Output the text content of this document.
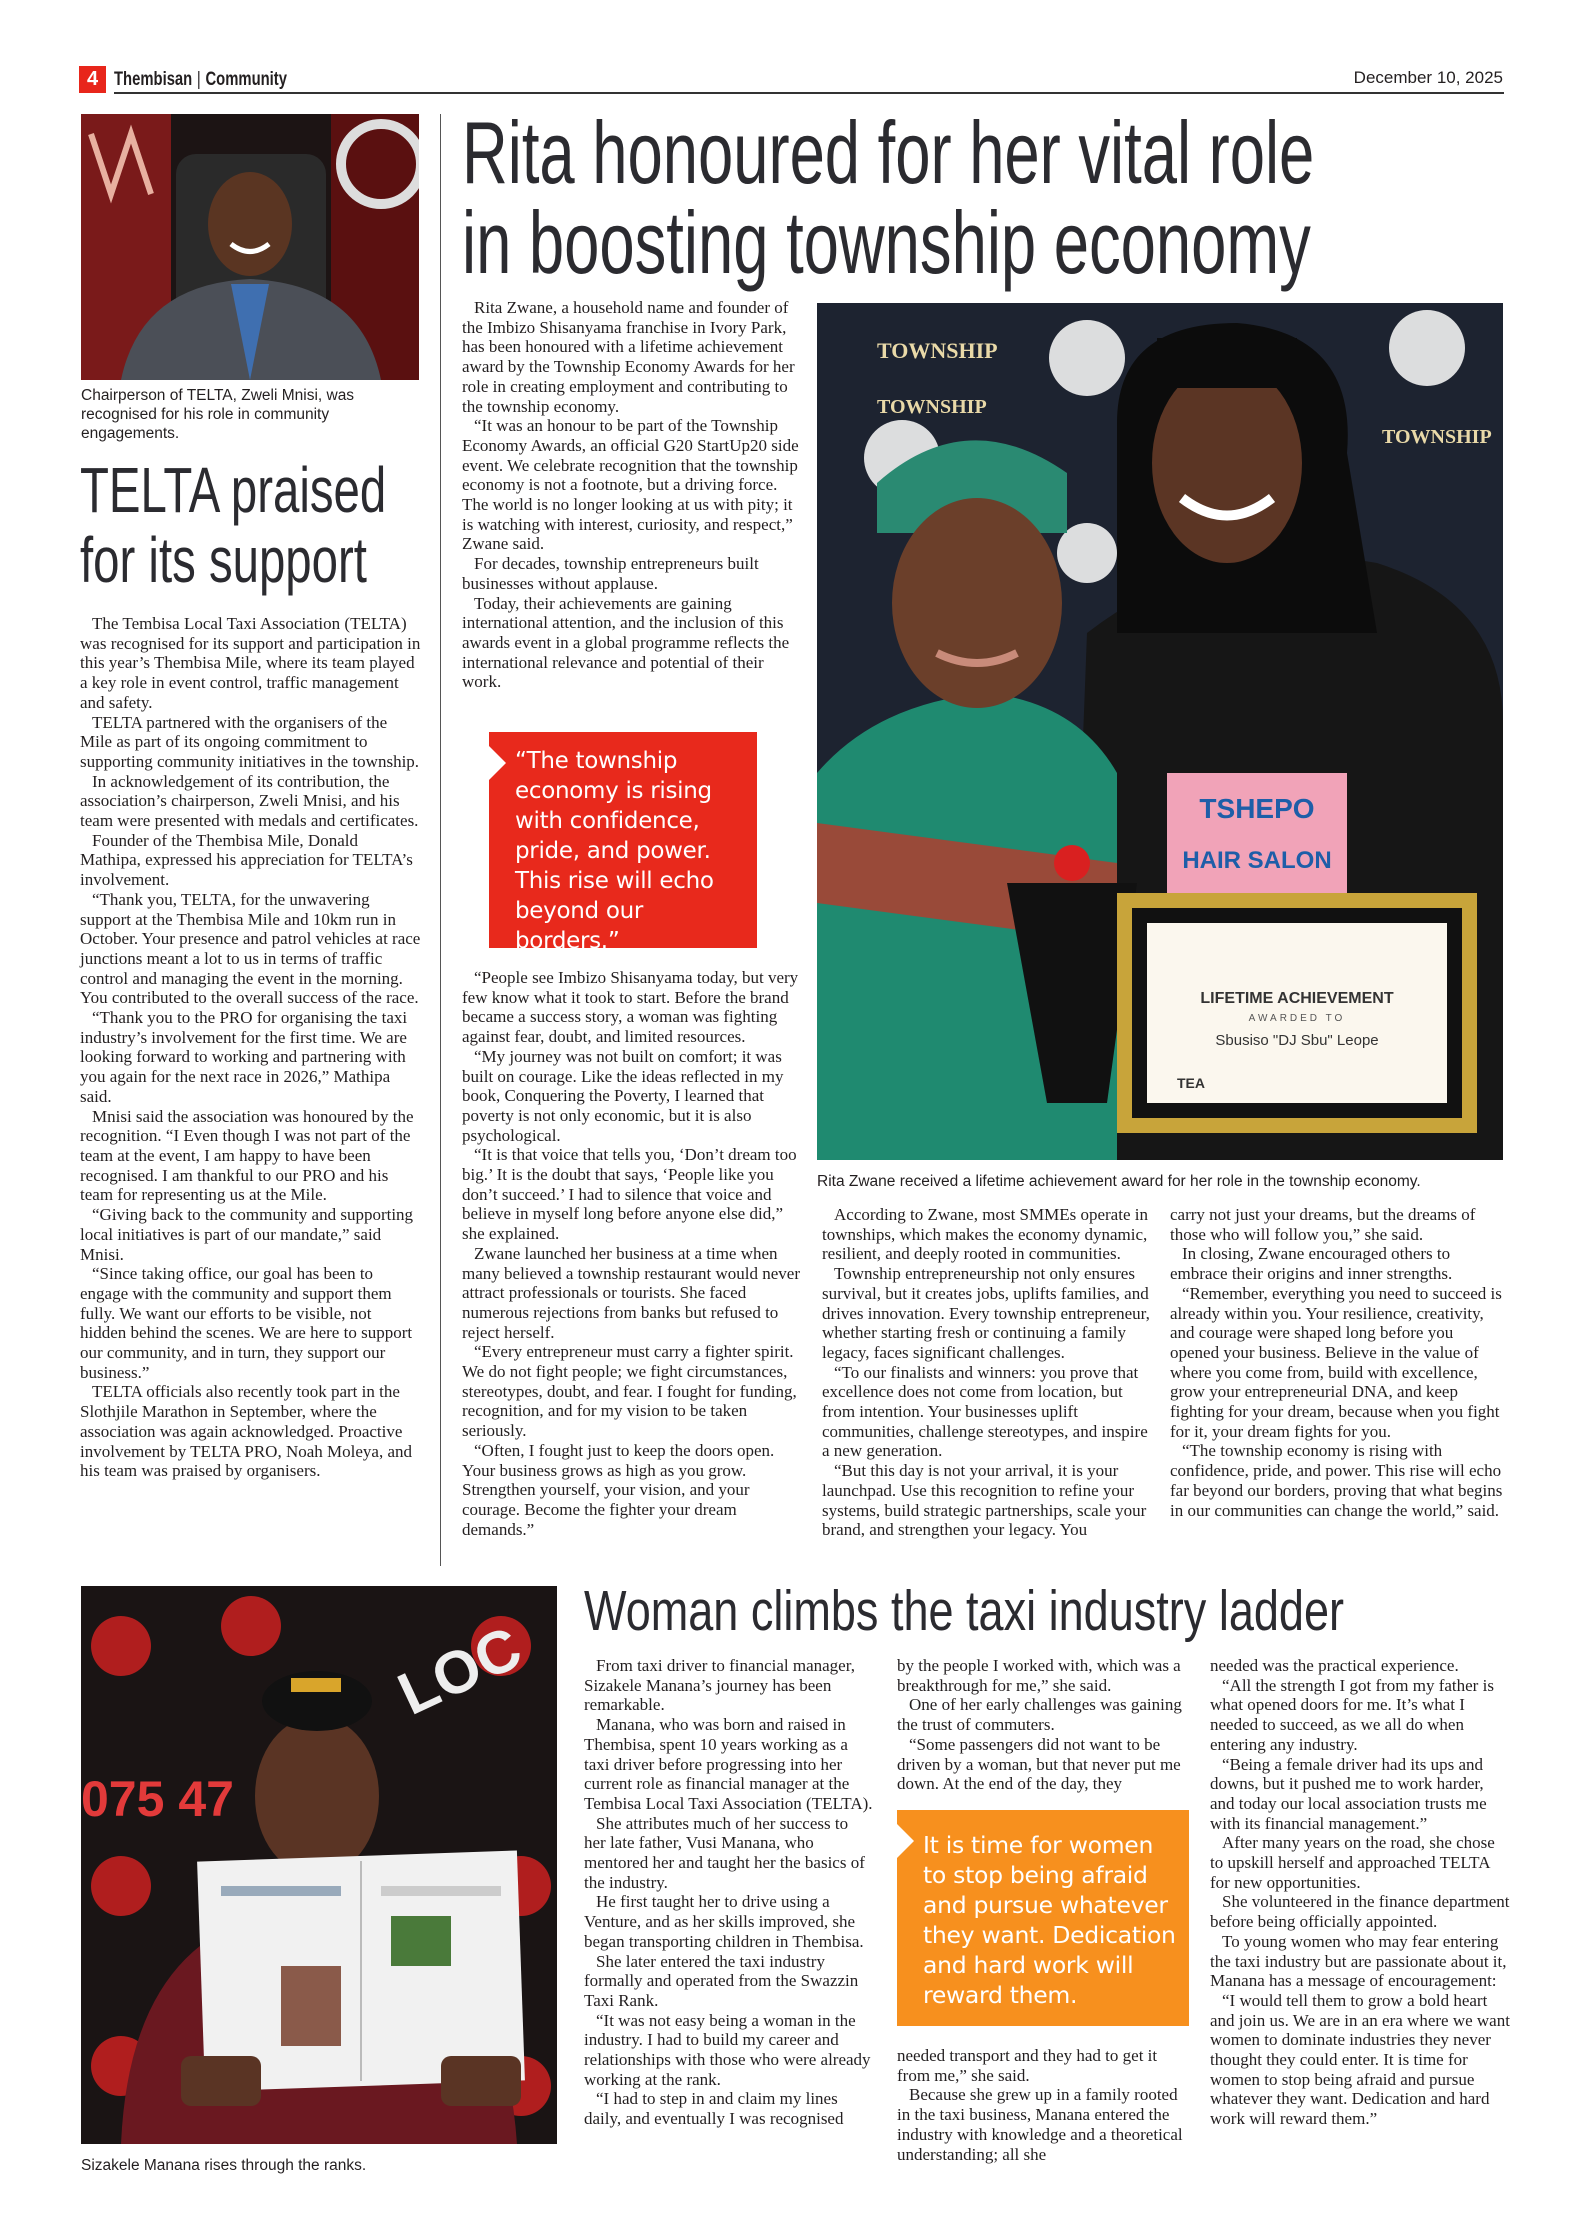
4 Thembisan | Community	December 10, 2025
Chairperson of TELTA, Zweli Mnisi, was recognised for his role in community engagements.
TELTA praised
for its support

The Tembisa Local Taxi Association (TELTA) was recognised for its support and participation in this year’s Thembisa Mile, where its team played a key role in event control, traffic management and safety.

TELTA partnered with the organisers of the Mile as part of its ongoing commitment to supporting community initiatives in the township.

In acknowledgement of its contribution, the association’s chairperson, Zweli Mnisi, and his team were presented with medals and certificates.

Founder of the Thembisa Mile, Donald Mathipa, expressed his appreciation for TELTA’s involvement.

“Thank you, TELTA, for the unwavering support at the Thembisa Mile and 10km run in October. Your presence and patrol vehicles at race junctions meant a lot to us in terms of traffic control and managing the event in the morning. You contributed to the overall success of the race.

“Thank you to the PRO for organising the taxi industry’s involvement for the first time. We are looking forward to working and partnering with you again for the next race in 2026,” Mathipa said.

Mnisi said the association was honoured by the recognition. “I Even though I was not part of the team at the event, I am happy to have been recognised. I am thankful to our PRO and his team for representing us at the Mile.

“Giving back to the community and supporting local initiatives is part of our mandate,” said Mnisi.

“Since taking office, our goal has been to engage with the community and support them fully. We want our efforts to be visible, not hidden behind the scenes. We are here to support our community, and in turn, they support our business.”

TELTA officials also recently took part in the Slothjile Marathon in September, where the association was again acknowledged. Proactive involvement by TELTA PRO, Noah Moleya, and his team was praised by organisers.

Rita honoured for her vital role
in boosting township economy

Rita Zwane, a household name and founder of the Imbizo Shisanyama franchise in Ivory Park, has been honoured with a lifetime achievement award by the Township Economy Awards for her role in creating employment and contributing to the township economy.

“It was an honour to be part of the Township Economy Awards, an official G20 StartUp20 side event. We celebrate recognition that the township economy is not a footnote, but a driving force. The world is no longer looking at us with pity; it is watching with interest, curiosity, and respect,” Zwane said.

For decades, township entrepreneurs built businesses without applause.

Today, their achievements are gaining international attention, and the inclusion of this awards event in a global programme reflects the international relevance and potential of their work.

“The township economy is rising with confidence, pride, and power. This rise will echo beyond our borders.”

“People see Imbizo Shisanyama today, but very few know what it took to start. Before the brand became a success story, a woman was fighting against fear, doubt, and limited resources.

“My journey was not built on comfort; it was built on courage. Like the ideas reflected in my book, Conquering the Poverty, I learned that poverty is not only economic, but it is also psychological.

“It is that voice that tells you, ‘Don’t dream too big.’ It is the doubt that says, ‘People like you don’t succeed.’ I had to silence that voice and believe in myself long before anyone else did,” she explained.

Zwane launched her business at a time when many believed a township restaurant would never attract professionals or tourists. She faced numerous rejections from banks but refused to reject herself.

“Every entrepreneur must carry a fighter spirit. We do not fight people; we fight circumstances, stereotypes, doubt, and fear. I fought for funding, recognition, and for my vision to be taken seriously.

“Often, I fought just to keep the doors open. Your business grows as high as you grow. Strengthen yourself, your vision, and your courage. Become the fighter your dream demands.”

TSHEPO
HAIR SALON
LIFETIME ACHIEVEMENT
AWARDED TO
Sbusiso "DJ Sbu" Leope
TEA
TOWNSHIP
TOWNSHIP
TOWNSHIP
Rita Zwane received a lifetime achievement award for her role in the township economy.

According to Zwane, most SMMEs operate in townships, which makes the economy dynamic, resilient, and deeply rooted in communities.

Township entrepreneurship not only ensures survival, but it creates jobs, uplifts families, and drives innovation. Every township entrepreneur, whether starting fresh or continuing a family legacy, faces significant challenges.

“To our finalists and winners: you prove that excellence does not come from location, but from intention. Your businesses uplift communities, challenge stereotypes, and inspire a new generation.

“But this day is not your arrival, it is your launchpad. Use this recognition to refine your systems, build strategic partnerships, scale your brand, and strengthen your legacy. You

carry not just your dreams, but the dreams of those who will follow you,” she said.

In closing, Zwane encouraged others to embrace their origins and inner strengths.

“Remember, everything you need to succeed is already within you. Your resilience, creativity, and courage were shaped long before you opened your business. Believe in the value of where you come from, build with excellence, grow your entrepreneurial DNA, and keep fighting for your dream, because when you fight for it, your dream fights for you.

“The township economy is rising with confidence, pride, and power. This rise will echo far beyond our borders, proving that what begins in our communities can change the world,” said.

LOC
075 47
Sizakele Manana rises through the ranks.
Woman climbs the taxi industry ladder

From taxi driver to financial manager, Sizakele Manana’s journey has been remarkable.

Manana, who was born and raised in Thembisa, spent 10 years working as a taxi driver before progressing into her current role as financial manager at the Tembisa Local Taxi Association (TELTA).

She attributes much of her success to her late father, Vusi Manana, who mentored her and taught her the basics of the industry.

He first taught her to drive using a Venture, and as her skills improved, she began transporting children in Thembisa.

She later entered the taxi industry formally and operated from the Swazzin Taxi Rank.

“It was not easy being a woman in the industry. I had to build my career and relationships with those who were already working at the rank.

“I had to step in and claim my lines daily, and eventually I was recognised

by the people I worked with, which was a breakthrough for me,” she said.

One of her early challenges was gaining the trust of commuters.

“Some passengers did not want to be driven by a woman, but that never put me down. At the end of the day, they

It is time for women to stop being afraid and pursue whatever they want. Dedication and hard work will reward them.

needed transport and they had to get it from me,” she said.

Because she grew up in a family rooted in the taxi business, Manana entered the industry with knowledge and a theoretical understanding; all she

needed was the practical experience.

“All the strength I got from my father is what opened doors for me. It’s what I needed to succeed, as we all do when entering any industry.

“Being a female driver had its ups and downs, but it pushed me to work harder, and today our local association trusts me with its financial management.”

After many years on the road, she chose to upskill herself and approached TELTA for new opportunities.

She volunteered in the finance department before being officially appointed.

To young women who may fear entering the taxi industry but are passionate about it, Manana has a message of encouragement:

“I would tell them to grow a bold heart and join us. We are in an era where we want women to dominate industries they never thought they could enter. It is time for women to stop being afraid and pursue whatever they want. Dedication and hard work will reward them.”
